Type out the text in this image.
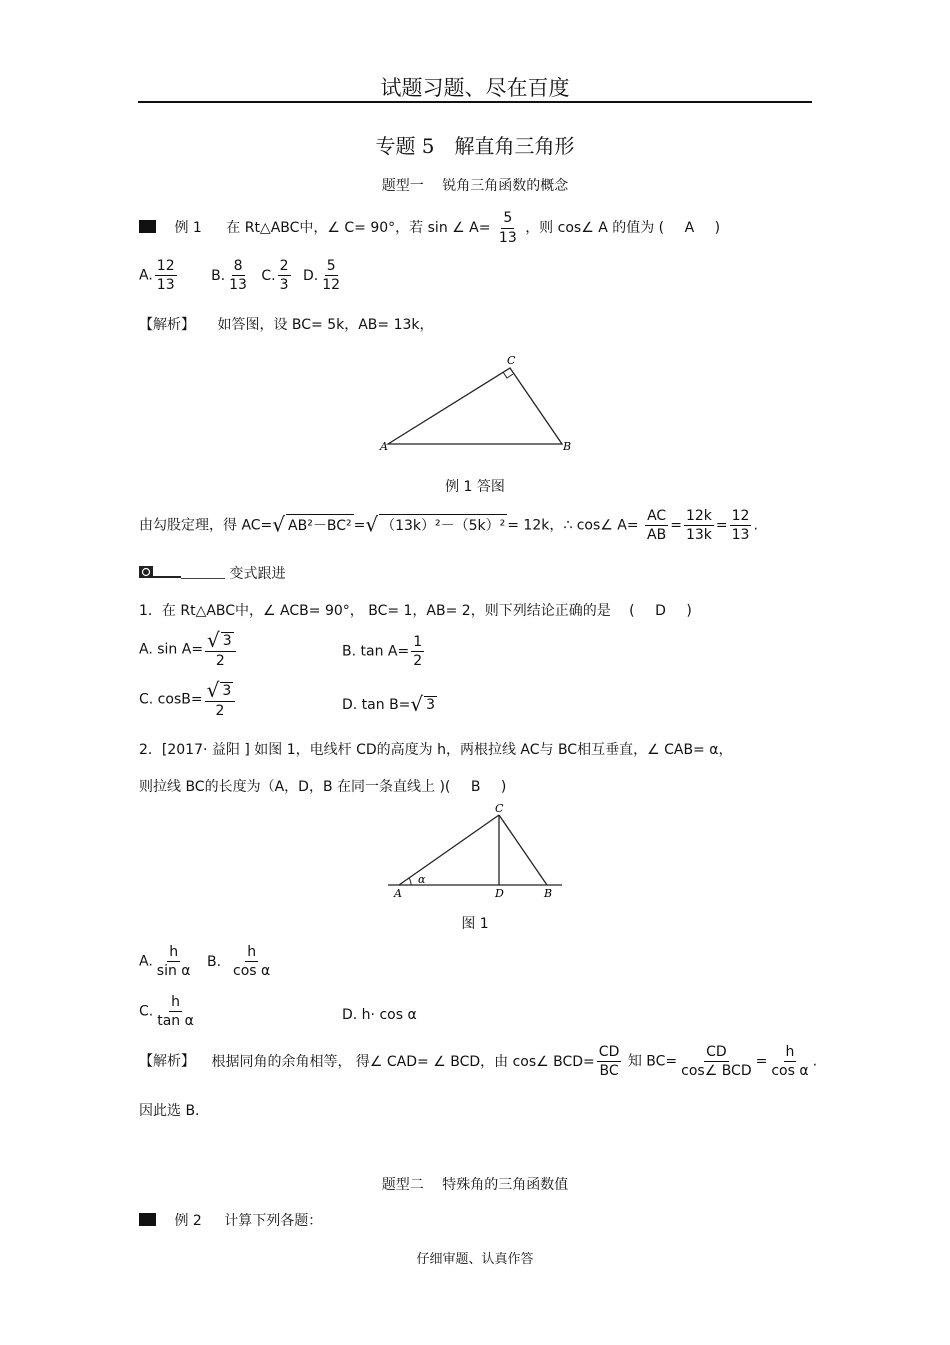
试题习题、尽在百度
专题 5　解直角三角形
题型一　 锐角三角函数的概念
例 1 在 Rt△ABC中，∠ C= 90°，若 sin ∠ $A= \frac{5}{13}$ ，则 cos∠ A 的值为 ( A )
A. $\frac{12}{13} B$. $\frac{8}{13} C$. $\frac{2}{3} D$. $\frac{5}{12}$
【解析】 如答图，设 BC= 5k，AB= 13k，
A	B
C
例 1 答图
由勾股定理，得 AC=√ AB²－BC² =√ （13k）²－（5k）² = 12k，∴ cos∠ $A= \frac{AC}{AB} = \frac{12k}{13k} = \frac{12}{13}$ .
变式跟进
1．在 Rt△ABC中，∠ ACB= 90°， BC= 1，AB= 2，则下列结论正确的是　 ( D )
A. $\sin A= \frac{√ 3}{2}$	B. $\tan A= \frac{1}{2}$
C. $\cos B= \frac{√ 3}{2}$	D. tan B=√ 3
2．[2017· 益阳 ] 如图 1，电线杆 CD的高度为 h，两根拉线 AC与 BC相互垂直，∠ CAB= α，
则拉线 BC的长度为（A，D，B 在同一条直线上 )( B )
A
α
D	B
C
图 1
A. $\frac{h}{\text{sin α}} B$. $\frac{h}{\text{cos α}}$
C. $\frac{h}{\text{tan α}}$	D. h· cos α
【解析】 根据同角的余角相等， 得∠ CAD= ∠ BCD，由 cos∠ $BCD= \frac{CD}{BC}$ 知 $BC= \frac{CD}{\text{cos∠ BCD}} = \frac{h}{\text{cos α}}$ .
因此选 B.
题型二　 特殊角的三角函数值
例 2 计算下列各题：
仔细审题、认真作答
